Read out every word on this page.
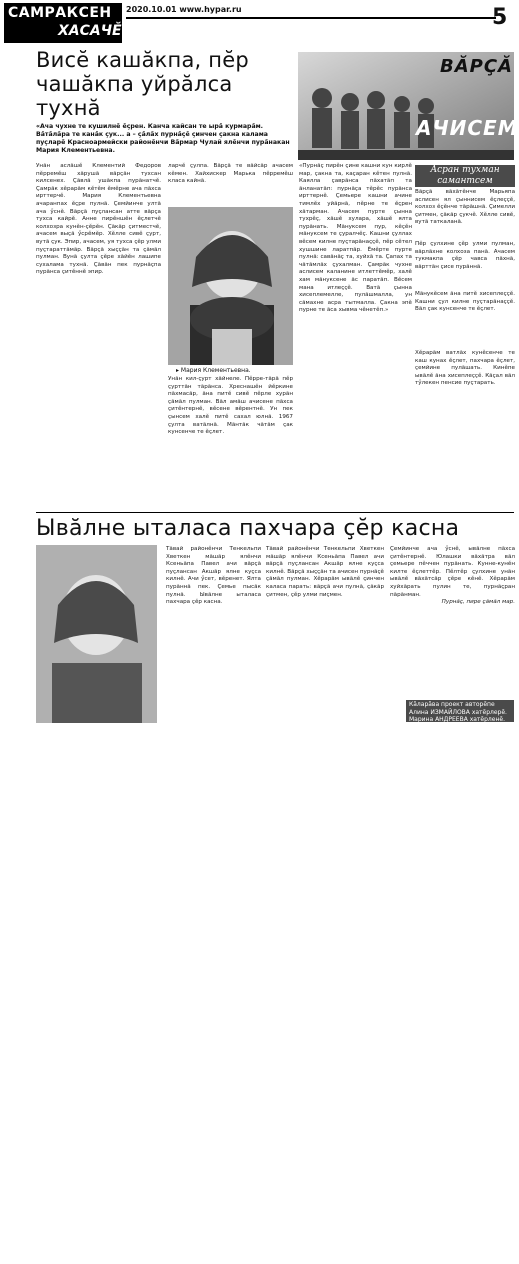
САМРАКСЕН
ХАСАЧĔ
2020.10.01 www.hypar.ru	5
Висĕ кашăкпа, пĕр чашăкпа уйрăлса тухнă
ВĂРÇĂ
АЧИСЕМ
«Ача чухне те кушилнĕ ĕçрен. Канча кайсан те ырă курмарăм. Вăтăлăра те канăк çук... а – çăлăх пурнăçĕ çинчен çакна калама пуçларĕ Красноармейски районĕнчи Вăрмар Чулай ялĕнчи пурăнакан Мария Клементьевна.
Унăн аслăшĕ Клементий Федоров пĕрремĕш хăрушă вăрçăн тухсан килсенех. Çăвлă ушăкпа пурăнатчĕ. Çамрăк хĕрарăм кĕтĕм ĕмĕрне ача пăхса ирттерчĕ. Мария Клементьевна ачаранпах ĕçре пулнă. Çемйинче ултă ача ӳснĕ. Вăрçă пуçлансан атте вăрçа тухса кайрĕ. Анне пирĕншĕн ĕçлетчĕ колхозра кунĕн-çĕрĕн. Çăкăр çитместчĕ, ачасем выçă ӳсрĕмĕр. Хĕлле сивĕ çурт, вутă çук. Эпир, ачасем, уя тухса çĕр улми пуçтараттăмăр. Вăрçă хыççăн та çăмăл пулман. Вунă çулта çĕре хăйĕн лашипе сухалама тухнă. Çăвăн пек пурнăçпа пурăнса çитĕннĕ эпир.
ларчĕ çулпа. Вăрçă те вăйсăр ачасем кĕмен. Хайхискер Марька пĕрремĕш класа кайнă.
▸ Мария Клементьевна.
Унăн кил-çурт хăйнеле. Пĕрре-тăрă пĕр çурттăн тăрăнса. Хреснашĕн йĕркине пăхмасăр, ăна питĕ сивĕ пĕрле хурăн çăмăл пулман. Вăл амăш ачисене пăхса çитĕнтернĕ, вĕсене вĕрентнĕ. Ун пек çынсем халĕ питĕ сахал юлнă. 1967 çулта ватăлнă. Мăнтăк чăтăм çак кунсенче те ĕçлет.
«Пурнăç пирĕн çине кашни кун кирлĕ мар, çакна та, каçаран кĕтен пулнă. Каялла çаврăнса пăхатăп та ăнланатăп: пурнăçа тĕрĕс пурăнса ирттернĕ. Çемьере кашни ачине тимлĕх уйăрнă, пĕрне те ĕçрен хăтарман. Ачасем пурте çынна тухрĕç, хăшĕ хулара, хăшĕ ялта пурăнать. Мăнуксем пур, кĕçĕн мăнуксем те çуралчĕç. Кашни çуллах вĕсем килне пуçтарăнаççĕ, пĕр сĕтел хушшине ларатпăр. Ĕмĕрте пурте пулнă: савăнăç та, хуйхă та. Çапах та чăтăмлăх çухалман. Çамрăк чухне аслисем каланине итлеттĕмĕр, халĕ хам мăнуксене ăс паратăп. Вĕсем мана итлеççĕ. Ватă çынна хисеплемелле, пулăшмалла, ун сăмахне асра тытмалла. Çакна эпĕ пурне те ăса хывма чĕнетĕп.»
Асран тухман самантсем
Вăрçă вăхăтĕнче Марьяпа аслисен ял çыннисем ĕçлеççĕ, колхоз ĕçĕнче тăрăшнă. Çимелли çитмен, çăкăр çукчĕ. Хĕлле сивĕ, вутă таткаланă.
Пĕр çулхине çĕр улми пулман, вăрлăхне колхоза панă. Ачасем тукмакпа çĕр чавса пăхнă, вăрттăн çисе пурăннă.
Мăнукĕсем ăна питĕ хисеплеççĕ. Кашни çул килне пуçтарăнаççĕ. Вăл çак кунсенче те ĕçлет.
Хĕрарăм ватлăх кунĕсенче те каш кунах ĕçлет, пахчара ĕçлет, çемйине пулăшать. Кинĕпе ывăлĕ ăна хисеплеççĕ. Кăçал вăл тӳлекен пенсие пуçтарать.
Ывăлне ыталаса пахчара çĕр касна
▸ Вéсла Андреева.
Тăвай районĕнчи Тенкельпи Хветкен мăшăр ялĕнчи Ксеньăпа Павел ачи вăрçă пуçлансан Акшăр ялне куçса килнĕ. Ачи ӳсет, вĕренет. Ялта пурăннă пек. Çемье пысăк пулнă. Ывăлне ыталаса пахчара çĕр касна.
Тăвай районĕнчи Тенкельпи Хветкен мăшăр ялĕнчи Ксеньăпа Павел ачи вăрçă пуçлансан Акшăр ялне куçса килнĕ. Вăрçă хыççăн та ачисен пурнăçĕ çăмăл пулман. Хĕрарăм ывăлĕ çинчен каласа парать: вăрçă ачи пулнă, çăкăр çитмен, çĕр улми пиçмен.
Çемйинче ача ӳснĕ, ывăлне пăхса çитĕнтернĕ. Юлашки вăхăтра вăл çемьере пĕччен пурăнать. Кунне-кунĕн килте ĕçлеттĕр. Пĕлтĕр çулхине унăн ывăлĕ вăхăтсăр çĕре кĕнĕ. Хĕрарăм хуйхăрать пулин те, пурнăçран пăрăнман.
Пурнăç, пире çăмăл мар.
Кăларăва проект авторĕпе Алина ИЗМАЙЛОВА хатĕрлерĕ. Марина АНДРЕЕВА хатĕрленĕ.
